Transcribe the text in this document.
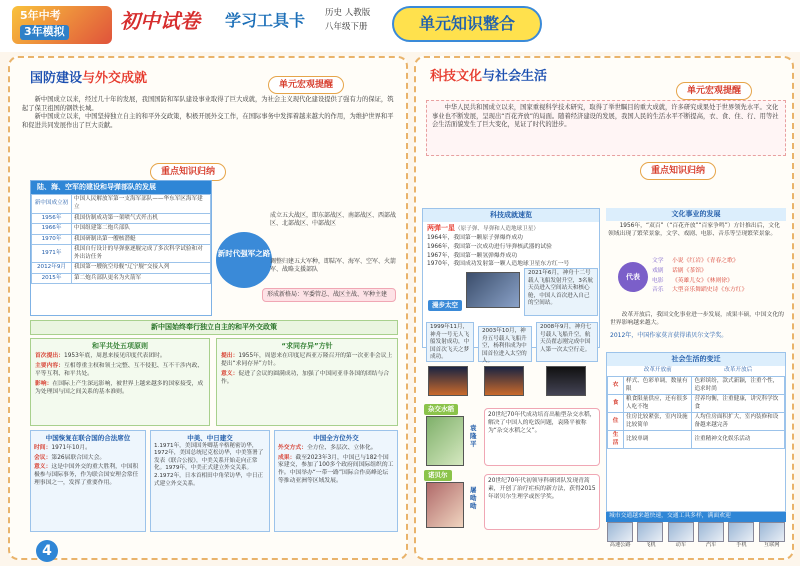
5年中考
3年模拟	初中试卷 学习工具卡 历史 人教版
八年级下册	单元知识整合
国防建设与外交成就	单元宏观提醒

新中国成立以来，经过几十年的发展，我国国防和军队建设事业取得了巨大成就，为社会主义现代化建设提供了强有力的保证，筑起了保卫祖国的钢铁长城。

新中国成立以来，中国坚持独立自主的和平外交政策，积极开展外交工作，在国际事务中发挥着越来越大的作用，为维护世界和平和促进共同发展作出了巨大贡献。

重点知识归纳
陆、海、空军的建设和导弹部队的发展
新中国成立初	中国人民解放军第一支海军部队——华东军区海军建立
1956年	我国仿制成功第一架喷气式歼击机
1966年	中国组建第二炮兵部队
1970年	我国研制出第一艘核潜艇
1971年	我国自行设计的导弹驱逐舰完成了多次科学试验和对外出访任务
2012年9月	我国第一艘航空母舰“辽宁舰”交接入列
2015年	第二炮兵部队更名为火箭军
新时代强军之路
成立五大战区，即东部战区、南部战区、西部战区、北部战区、中部战区
调整归建五大军种，即陆军、海军、空军、火箭军、战略支援部队
形成新格局：军委管总、战区主战、军种主建
新中国始终奉行独立自主的和平外交政策
和平共处五项原则
首次提出：1953年底，周恩来接见印度代表团时。
主要内容：互相尊重主权和领土完整、互不侵犯、互不干涉内政、平等互利、和平共处。
影响：在国际上产生深远影响，被世界上越来越多的国家接受，成为处理国与国之间关系的基本准则。
“求同存异”方针
提出：1955年，周恩来在印度尼西亚万隆召开的第一次亚非会议上提出“求同存异”方针。
意义：促进了会议的圆满成功，加强了中国同亚非各国的团结与合作。
中国恢复在联合国的合法席位
时间：1971年10月。
会议：第26届联合国大会。
意义：这是中国外交的重大胜利，中国积极参与国际事务，作为联合国安理会常任理事国之一，发挥了重要作用。
中美、中日建交
1.1971年，美国国务卿基辛格秘密访华，1972年，美国总统尼克松访华，中美签署了发表《联合公报》，中美关系开始走向正常化。1979年，中美正式建立外交关系。2.1972年，日本首相田中角荣访华，中日正式建立外交关系。
中国全方位外交
外交方式：全方位、多层次、立体化。
成果：截至2023年3月，中国已与182个国家建交，参加了100多个政府间国际组织的工作。中国举办“一带一路”国际合作高峰论坛等推动亚洲等区域发展。
4
科技文化与社会生活
单元宏观提醒

中华人民共和国成立以来，国家重视科学技术研究，取得了举世瞩目的重大成就，许多研究成果处于世界领先水平。文化事业也不断发展，呈现出“百花齐放”的局面。随着经济建设的发展，我国人民的生活水平不断提高，衣、食、住、行、用等社会生活面貌发生了巨大变化，见证了时代的进步。

重点知识归纳
科技成就速览
两弹一星（原子弹、导弹和人造地球卫星）
1964年，我国第一颗原子弹爆炸成功
1966年，我国第一次成功进行导弹核武器的试验
1967年，我国第一颗氢弹爆炸成功
1970年，我国成功发射第一颗人造地球卫星东方红一号
漫步太空
2021年6月，神舟十二号载人飞船发射升空，3名航天员进入空间站天和核心舱，中国人首次进入自己的空间站。
1999年11月，神舟一号无人飞船发射成功，中国首次飞天之梦成功。
2003年10月，神舟五号载人飞船升空，杨利伟成为中国首位进入太空的人。
2008年9月，神舟七号载人飞船升空，航天员翟志刚完成中国人第一次太空行走。
杂交水稻
袁隆平
20世纪70年代成功培育出籼型杂交水稻，解决了中国人的吃饭问题，袁隆平被称为“杂交水稻之父”。
诺贝尔
屠呦呦
20世纪70年代初领导科研团队发现青蒿素，开创了治疗疟疾的新方法，获得2015年诺贝尔生理学或医学奖。
文化事业的发展
1956年，“双百”（“百花齐放”“百家争鸣”）方针推出后，文化领域出现了繁荣景象，文学、戏剧、电影、音乐等呈现繁荣景象。
代表
文学	小说《红岩》《青春之歌》
戏剧	话剧《茶馆》
电影	《英雄儿女》《林则徐》
音乐	大型音乐舞蹈史诗《东方红》
改革开放后，我国文化事业进一步发展，成果丰硕，中国文化的世界影响越来越大。
2012年，中国作家莫言获得诺贝尔文学奖。
社会生活的变迁
	改革开放前	改革开放后
衣	样式、色彩单调，数量有限	色彩缤纷，款式新颖，注重个性，追求时尚
食	粮食限量供应，还有很多人吃不饱	营养均衡，注重健康，讲究科学饮食
住	住房比较紧张，室内设施比较简单	人均住房面积扩大，室内装修和设备越来越完善
生活	比较单调	注重精神文化娱乐活动
城市交通越来越快速，交通工具多样，满面欢迎
高速公路	飞机	动车	汽车	手机	互联网
